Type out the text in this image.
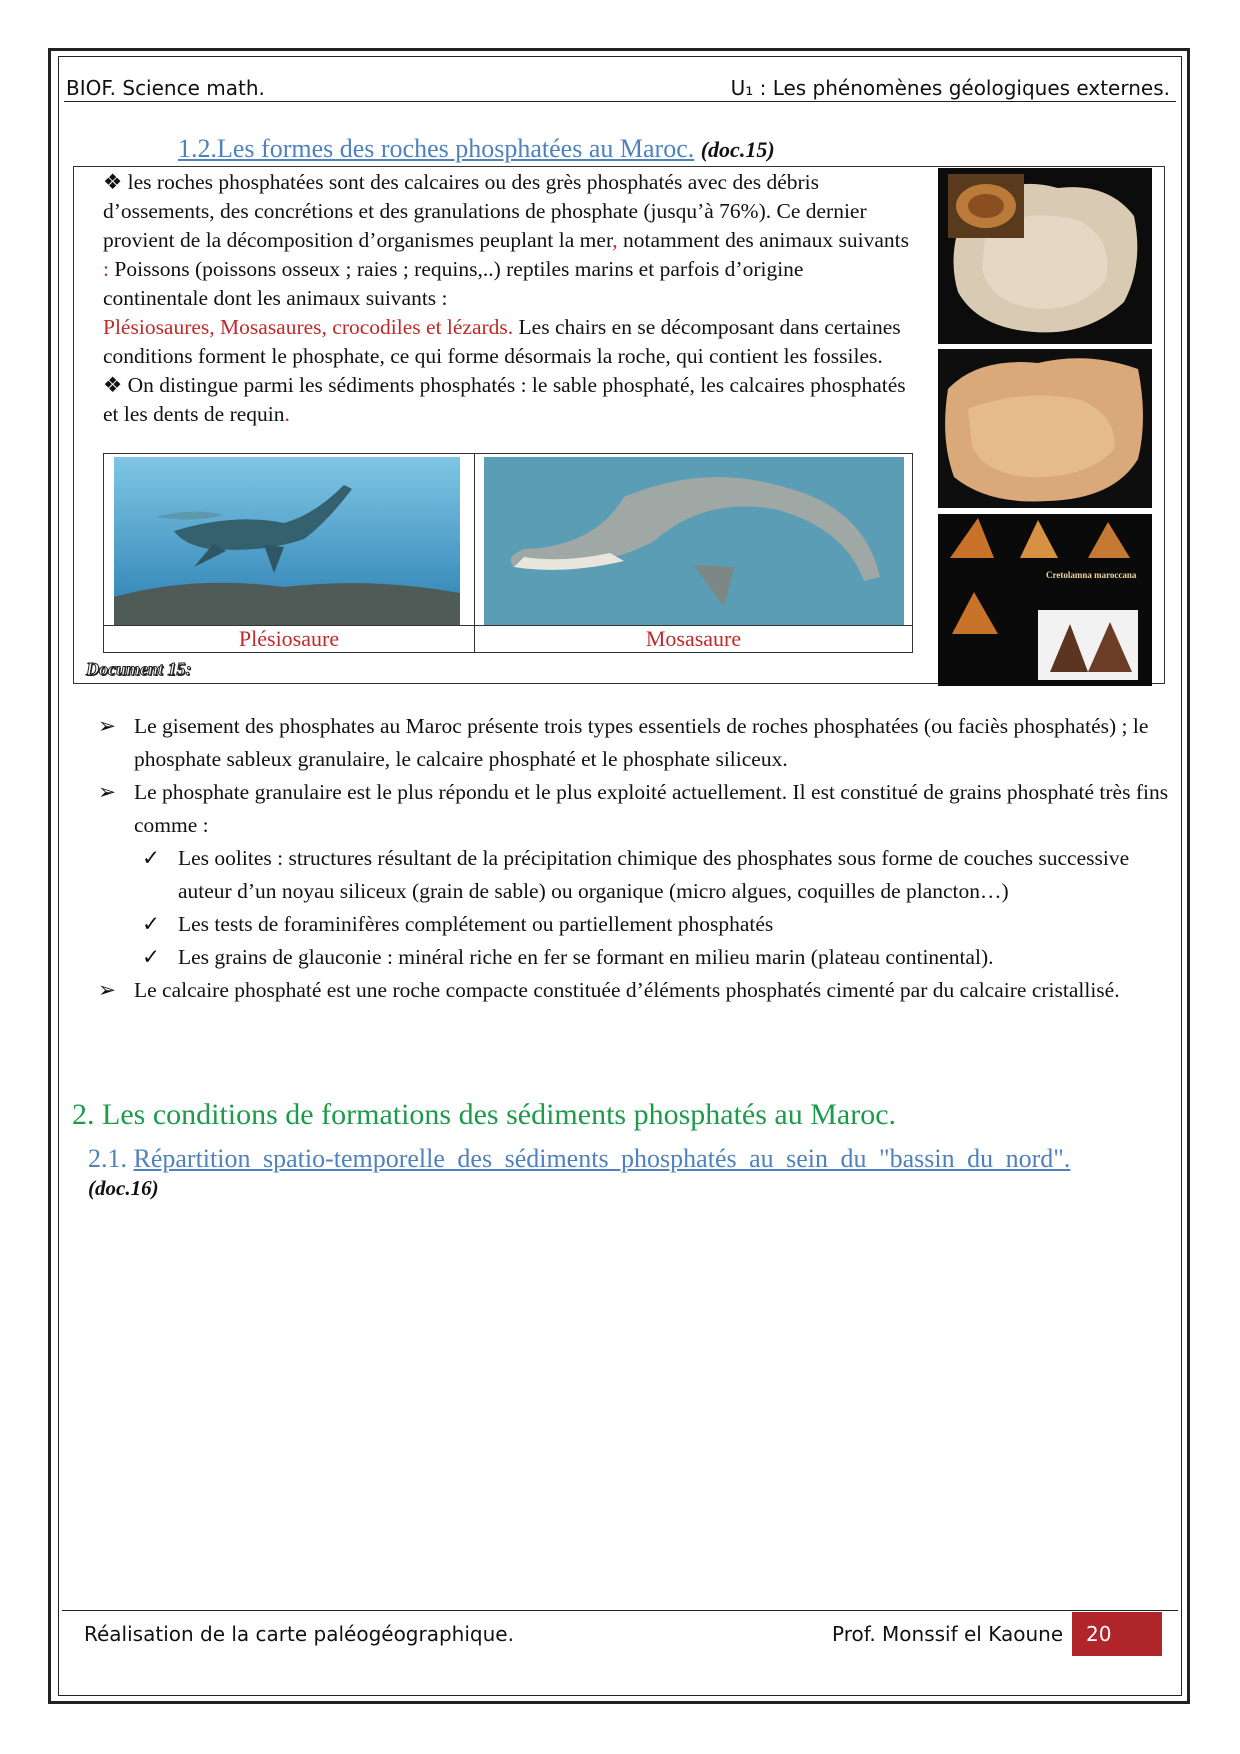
BIOF. Science math.	U₁ : Les phénomènes géologiques externes.
1.2.Les formes des roches phosphatées au Maroc. (doc.15)
❖ les roches phosphatées sont des calcaires ou des grès phosphatés avec des débris d’ossements, des concrétions et des granulations de phosphate (jusqu’à 76%). Ce dernier provient de la décomposition d’organismes peuplant la mer, notamment des animaux suivants : Poissons (poissons osseux ; raies ; requins,..) reptiles marins et parfois d’origine continentale dont les animaux suivants :
Plésiosaures, Mosasaures, crocodiles et lézards. Les chairs en se décomposant dans certaines conditions forment le phosphate, ce qui forme désormais la roche, qui contient les fossiles.
❖ On distingue parmi les sédiments phosphatés : le sable phosphaté, les calcaires phosphatés et les dents de requin.
Cretolamna maroccana
Plésiosaure	Mosasaure
Document 15:
➢ Le gisement des phosphates au Maroc présente trois types essentiels de roches phosphatées (ou faciès phosphatés) ; le phosphate sableux granulaire, le calcaire phosphaté et le phosphate siliceux.
➢ Le phosphate granulaire est le plus répondu et le plus exploité actuellement. Il est constitué de grains phosphaté très fins comme :
✓ Les oolites : structures résultant de la précipitation chimique des phosphates sous forme de couches successive auteur d’un noyau siliceux (grain de sable) ou organique (micro algues, coquilles de plancton…)
✓ Les tests de foraminifères complétement ou partiellement phosphatés
✓ Les grains de glauconie : minéral riche en fer se formant en milieu marin (plateau continental).
➢ Le calcaire phosphaté est une roche compacte constituée d’éléments phosphatés cimenté par du calcaire cristallisé.
2. Les conditions de formations des sédiments phosphatés au Maroc.
2.1. Répartition spatio-temporelle des sédiments phosphatés au sein du "bassin du nord".
(doc.16)
Réalisation de la carte paléogéographique.	Prof. Monssif el Kaoune	20
